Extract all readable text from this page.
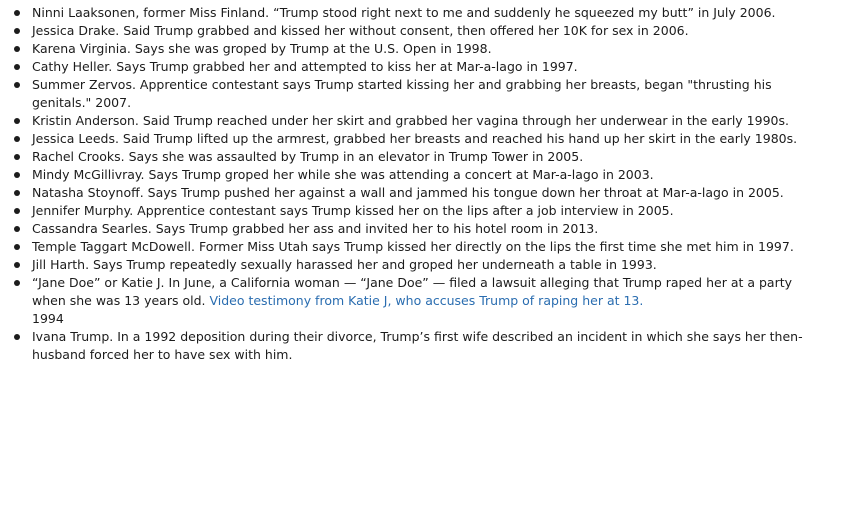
Ninni Laaksonen, former Miss Finland. “Trump stood right next to me and suddenly he squeezed my butt” in July 2006.
Jessica Drake. Said Trump grabbed and kissed her without consent, then offered her 10K for sex in 2006.
Karena Virginia. Says she was groped by Trump at the U.S. Open in 1998.
Cathy Heller. Says Trump grabbed her and attempted to kiss her at Mar-a-lago in 1997.
Summer Zervos. Apprentice contestant says Trump started kissing her and grabbing her breasts, began "thrusting his genitals." 2007.
Kristin Anderson. Said Trump reached under her skirt and grabbed her vagina through her underwear in the early 1990s.
Jessica Leeds. Said Trump lifted up the armrest, grabbed her breasts and reached his hand up her skirt in the early 1980s.
Rachel Crooks. Says she was assaulted by Trump in an elevator in Trump Tower in 2005.
Mindy McGillivray. Says Trump groped her while she was attending a concert at Mar-a-lago in 2003.
Natasha Stoynoff. Says Trump pushed her against a wall and jammed his tongue down her throat at Mar-a-lago in 2005.
Jennifer Murphy. Apprentice contestant says Trump kissed her on the lips after a job interview in 2005.
Cassandra Searles. Says Trump grabbed her ass and invited her to his hotel room in 2013.
Temple Taggart McDowell. Former Miss Utah says Trump kissed her directly on the lips the first time she met him in 1997.
Jill Harth. Says Trump repeatedly sexually harassed her and groped her underneath a table in 1993.
“Jane Doe” or Katie J. In June, a California woman — “Jane Doe” — filed a lawsuit alleging that Trump raped her at a party when she was 13 years old. Video testimony from Katie J, who accuses Trump of raping her at 13.
1994
Ivana Trump. In a 1992 deposition during their divorce, Trump’s first wife described an incident in which she says her then-husband forced her to have sex with him.
